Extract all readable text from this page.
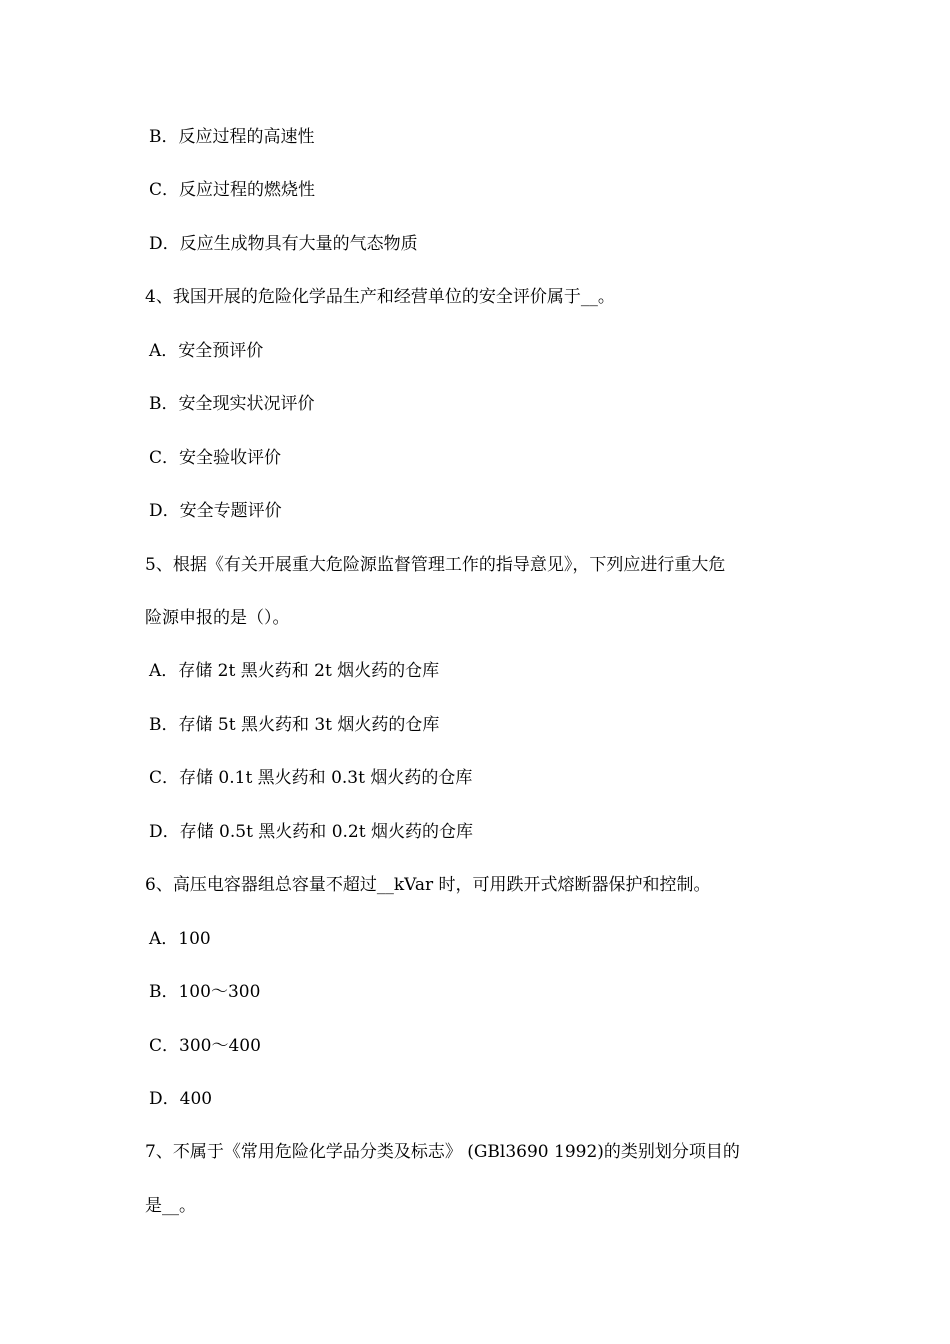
B．反应过程的高速性
C．反应过程的燃烧性
D．反应生成物具有大量的气态物质
4、我国开展的危险化学品生产和经营单位的安全评价属于__。
A．安全预评价
B．安全现实状况评价
C．安全验收评价
D．安全专题评价
5、根据《有关开展重大危险源监督管理工作的指导意见》，下列应进行重大危
险源申报的是（）。
A．存储 2t 黑火药和 2t 烟火药的仓库
B．存储 5t 黑火药和 3t 烟火药的仓库
C．存储 0.1t 黑火药和 0.3t 烟火药的仓库
D．存储 0.5t 黑火药和 0.2t 烟火药的仓库
6、高压电容器组总容量不超过__kVar 时，可用跌开式熔断器保护和控制。
A．100
B．100～300
C．300～400
D．400
7、不属于《常用危险化学品分类及标志》 (GBl3690 1992)的类别划分项目的
是__。
